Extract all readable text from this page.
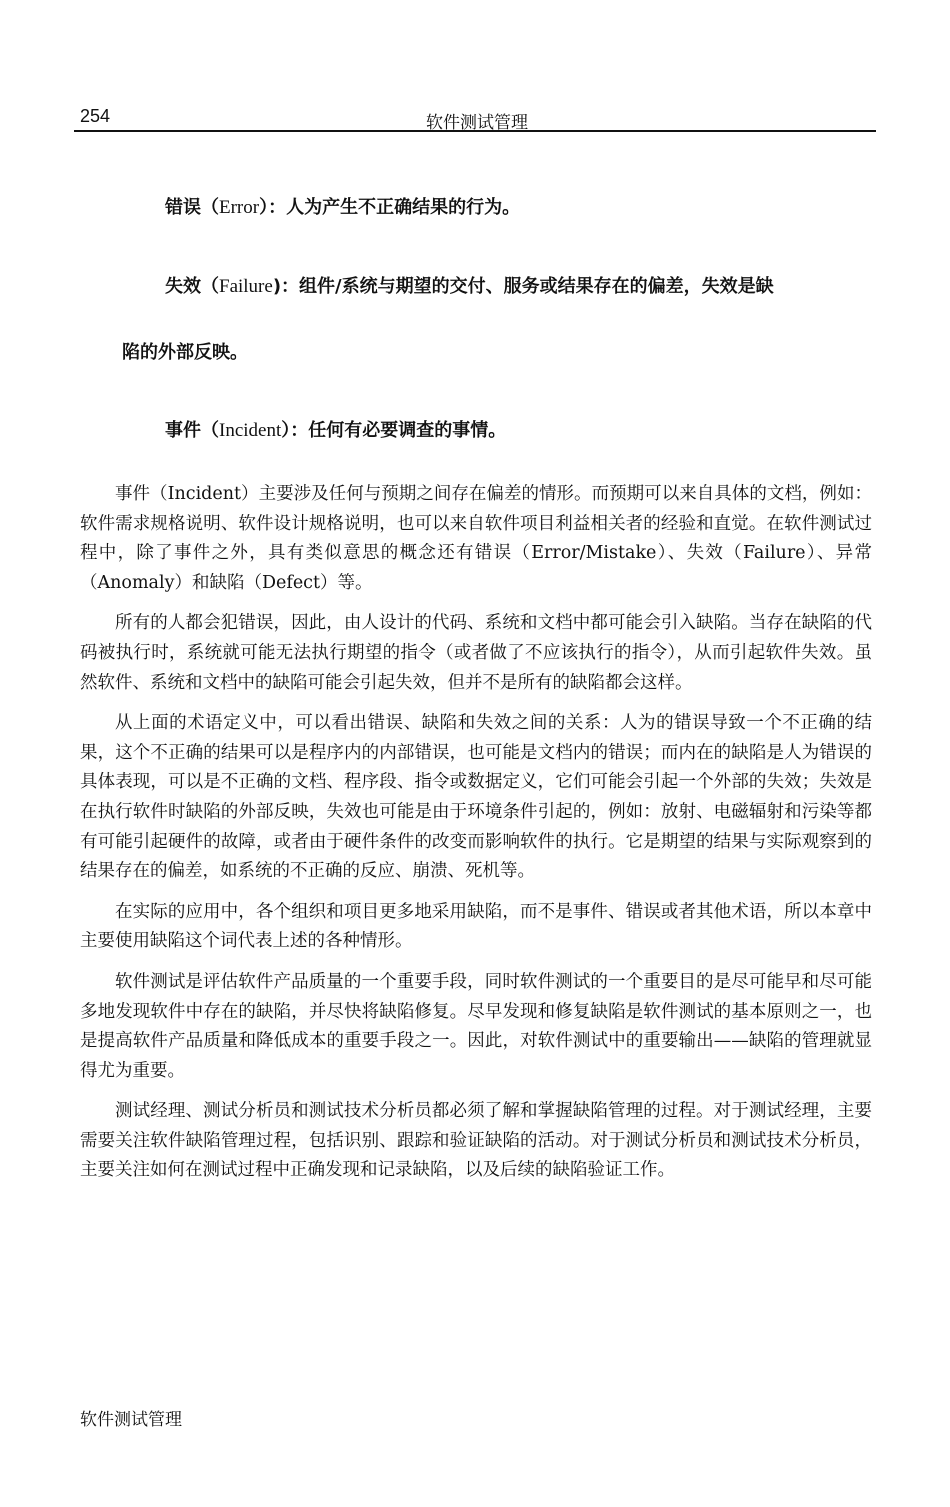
254	软件测试管理
错误（Error）：人为产生不正确结果的行为。
失效（Failure)：组件/系统与期望的交付、服务或结果存在的偏差，失效是缺
陷的外部反映。
事件（Incident）：任何有必要调查的事情。

事件（Incident）主要涉及任何与预期之间存在偏差的情形。而预期可以来自具体的文档，例如：软件需求规格说明、软件设计规格说明，也可以来自软件项目利益相关者的经验和直觉。在软件测试过程中，除了事件之外，具有类似意思的概念还有错误（Error/Mistake）、失效（Failure）、异常（Anomaly）和缺陷（Defect）等。

所有的人都会犯错误，因此，由人设计的代码、系统和文档中都可能会引入缺陷。当存在缺陷的代码被执行时，系统就可能无法执行期望的指令（或者做了不应该执行的指令），从而引起软件失效。虽然软件、系统和文档中的缺陷可能会引起失效，但并不是所有的缺陷都会这样。

从上面的术语定义中，可以看出错误、缺陷和失效之间的关系：人为的错误导致一个不正确的结果，这个不正确的结果可以是程序内的内部错误，也可能是文档内的错误；而内在的缺陷是人为错误的具体表现，可以是不正确的文档、程序段、指令或数据定义，它们可能会引起一个外部的失效；失效是在执行软件时缺陷的外部反映，失效也可能是由于环境条件引起的，例如：放射、电磁辐射和污染等都有可能引起硬件的故障，或者由于硬件条件的改变而影响软件的执行。它是期望的结果与实际观察到的结果存在的偏差，如系统的不正确的反应、崩溃、死机等。

在实际的应用中，各个组织和项目更多地采用缺陷，而不是事件、错误或者其他术语，所以本章中主要使用缺陷这个词代表上述的各种情形。

软件测试是评估软件产品质量的一个重要手段，同时软件测试的一个重要目的是尽可能早和尽可能多地发现软件中存在的缺陷，并尽快将缺陷修复。尽早发现和修复缺陷是软件测试的基本原则之一，也是提高软件产品质量和降低成本的重要手段之一。因此，对软件测试中的重要输出——缺陷的管理就显得尤为重要。

测试经理、测试分析员和测试技术分析员都必须了解和掌握缺陷管理的过程。对于测试经理，主要需要关注软件缺陷管理过程，包括识别、跟踪和验证缺陷的活动。对于测试分析员和测试技术分析员，主要关注如何在测试过程中正确发现和记录缺陷，以及后续的缺陷验证工作。

软件测试管理
